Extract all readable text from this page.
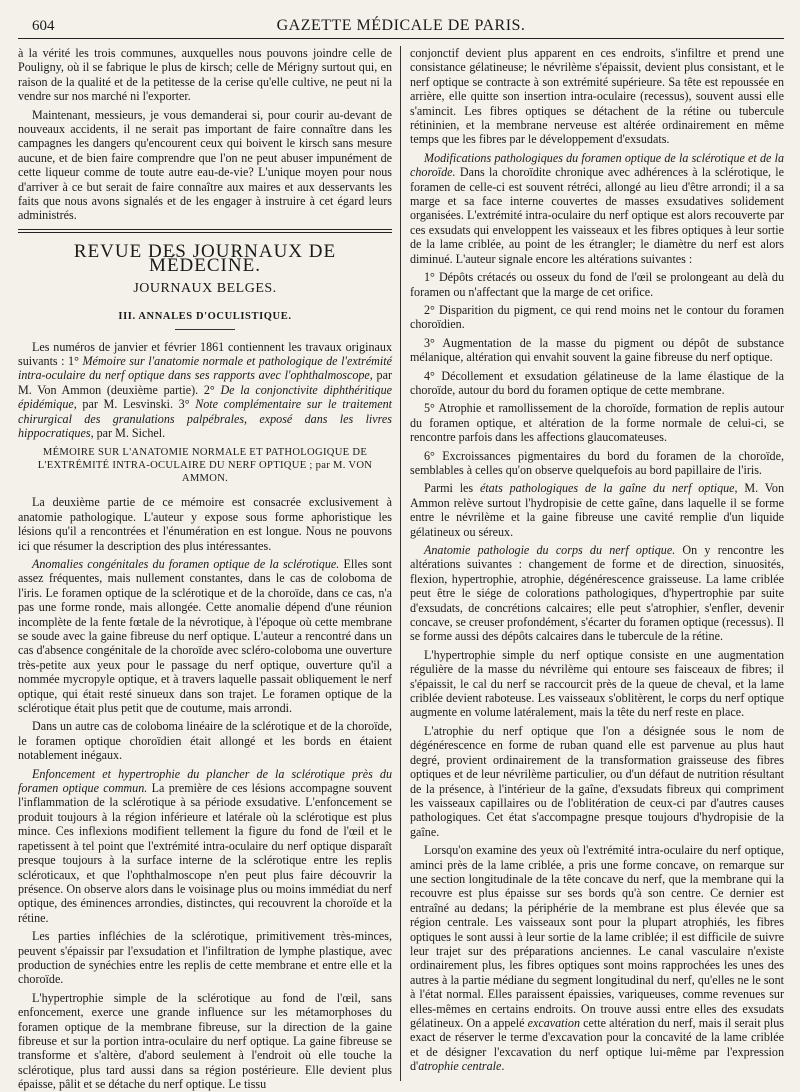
604	GAZETTE MÉDICALE DE PARIS.

à la vérité les trois communes, auxquelles nous pouvons joindre celle de Pouligny, où il se fabrique le plus de kirsch; celle de Mérigny surtout qui, en raison de la qualité et de la petitesse de la cerise qu'elle cultive, ne peut ni la vendre sur nos marché ni l'exporter.

Maintenant, messieurs, je vous demanderai si, pour courir au-devant de nouveaux accidents, il ne serait pas important de faire connaître dans les campagnes les dangers qu'encourent ceux qui boivent le kirsch sans mesure aucune, et de bien faire comprendre que l'on ne peut abuser impunément de cette liqueur comme de toute autre eau-de-vie? L'unique moyen pour nous d'arriver à ce but serait de faire connaître aux maires et aux desservants les faits que nous avons signalés et de les engager à instruire à cet égard leurs administrés.

REVUE DES JOURNAUX DE MÉDECINE.
JOURNAUX BELGES.
III. ANNALES D'OCULISTIQUE.

Les numéros de janvier et février 1861 contiennent les travaux originaux suivants : 1° Mémoire sur l'anatomie normale et pathologique de l'extrémité intra-oculaire du nerf optique dans ses rapports avec l'ophthalmoscope, par M. Von Ammon (deuxième partie). 2° De la conjonctivite diphthéritique épidémique, par M. Lesvinski. 3° Note complémentaire sur le traitement chirurgical des granulations palpébrales, exposé dans les livres hippocratiques, par M. Sichel.

MÉMOIRE SUR L'ANATOMIE NORMALE ET PATHOLOGIQUE DE L'EXTRÉMITÉ INTRA-OCULAIRE DU NERF OPTIQUE ; par M. VON AMMON.

La deuxième partie de ce mémoire est consacrée exclusivement à anatomie pathologique. L'auteur y expose sous forme aphoristique les lésions qu'il a rencontrées et l'énumération en est longue. Nous ne pouvons ici que résumer la description des plus intéressantes.

Anomalies congénitales du foramen optique de la sclérotique. Elles sont assez fréquentes, mais nullement constantes, dans le cas de coloboma de l'iris. Le foramen optique de la sclérotique et de la choroïde, dans ce cas, n'a pas une forme ronde, mais allongée. Cette anomalie dépend d'une réunion incomplète de la fente fœtale de la névrotique, à l'époque où cette membrane se soude avec la gaine fibreuse du nerf optique. L'auteur a rencontré dans un cas d'absence congénitale de la choroïde avec scléro-coloboma une ouverture très-petite aux yeux pour le passage du nerf optique, ouverture qu'il a nommée mycropyle optique, et à travers laquelle passait obliquement le nerf optique, qui était resté sinueux dans son trajet. Le foramen optique de la sclérotique était plus petit que de coutume, mais arrondi.

Dans un autre cas de coloboma linéaire de la sclérotique et de la choroïde, le foramen optique choroïdien était allongé et les bords en étaient notablement inégaux.

Enfoncement et hypertrophie du plancher de la sclérotique près du foramen optique commun. La première de ces lésions accompagne souvent l'inflammation de la sclérotique à sa période exsudative. L'enfoncement se produit toujours à la région inférieure et latérale où la sclérotique est plus mince. Ces inflexions modifient tellement la figure du fond de l'œil et le rapetissent à tel point que l'extrémité intra-oculaire du nerf optique disparaît presque toujours à la surface interne de la sclérotique entre les replis scléroticaux, et que l'ophthalmoscope n'en peut plus faire découvrir la présence. On observe alors dans le voisinage plus ou moins immédiat du nerf optique, des éminences arrondies, distinctes, qui recouvrent la choroïde et la rétine.

Les parties infléchies de la sclérotique, primitivement très-minces, peuvent s'épaissir par l'exsudation et l'infiltration de lymphe plastique, avec production de synéchies entre les replis de cette membrane et entre elle et la choroïde.

L'hypertrophie simple de la sclérotique au fond de l'œil, sans enfoncement, exerce une grande influence sur les métamorphoses du foramen optique de la membrane fibreuse, sur la direction de la gaine fibreuse et sur la portion intra-oculaire du nerf optique. La gaine fibreuse se transforme et s'altère, d'abord seulement à l'endroit où elle touche la sclérotique, plus tard aussi dans sa région postérieure. Elle devient plus épaisse, pâlit et se détache du nerf optique. Le tissu

conjonctif devient plus apparent en ces endroits, s'infiltre et prend une consistance gélatineuse; le névrilème s'épaissit, devient plus consistant, et le nerf optique se contracte à son extrémité supérieure. Sa tête est repoussée en arrière, elle quitte son insertion intra-oculaire (recessus), souvent aussi elle s'amincit. Les fibres optiques se détachent de la rétine ou tubercule rétininien, et la membrane nerveuse est altérée ordinairement en même temps que les fibres par le développement d'exsudats.

Modifications pathologiques du foramen optique de la sclérotique et de la choroïde. Dans la choroïdite chronique avec adhérences à la sclérotique, le foramen de celle-ci est souvent rétréci, allongé au lieu d'être arrondi; il a sa marge et sa face interne couvertes de masses exsudatives solidement organisées. L'extrémité intra-oculaire du nerf optique est alors recouverte par ces exsudats qui enveloppent les vaisseaux et les fibres optiques à leur sortie de la lame criblée, au point de les étrangler; le diamètre du nerf est alors diminué. L'auteur signale encore les altérations suivantes :

1° Dépôts crétacés ou osseux du fond de l'œil se prolongeant au delà du foramen ou n'affectant que la marge de cet orifice.

2° Disparition du pigment, ce qui rend moins net le contour du foramen choroïdien.

3° Augmentation de la masse du pigment ou dépôt de substance mélanique, altération qui envahit souvent la gaine fibreuse du nerf optique.

4° Décollement et exsudation gélatineuse de la lame élastique de la choroïde, autour du bord du foramen optique de cette membrane.

5° Atrophie et ramollissement de la choroïde, formation de replis autour du foramen optique, et altération de la forme normale de celui-ci, se rencontre parfois dans les affections glaucomateuses.

6° Excroissances pigmentaires du bord du foramen de la choroïde, semblables à celles qu'on observe quelquefois au bord papillaire de l'iris.

Parmi les états pathologiques de la gaîne du nerf optique, M. Von Ammon relève surtout l'hydropisie de cette gaîne, dans laquelle il se forme entre le névrilème et la gaine fibreuse une cavité remplie d'un liquide gélatineux ou séreux.

Anatomie pathologie du corps du nerf optique. On y rencontre les altérations suivantes : changement de forme et de direction, sinuosités, flexion, hypertrophie, atrophie, dégénérescence graisseuse. La lame criblée peut être le siége de colorations pathologiques, d'hypertrophie par suite d'exsudats, de concrétions calcaires; elle peut s'atrophier, s'enfler, devenir concave, se creuser profondément, s'écarter du foramen optique (recessus). Il se forme aussi des dépôts calcaires dans le tubercule de la rétine.

L'hypertrophie simple du nerf optique consiste en une augmentation régulière de la masse du névrilème qui entoure ses faisceaux de fibres; il s'épaissit, le cal du nerf se raccourcit près de la queue de cheval, et la lame criblée devient raboteuse. Les vaisseaux s'oblitèrent, le corps du nerf optique augmente en volume latéralement, mais la tête du nerf reste en place.

L'atrophie du nerf optique que l'on a désignée sous le nom de dégénérescence en forme de ruban quand elle est parvenue au plus haut degré, provient ordinairement de la transformation graisseuse des fibres optiques et de leur névrilème particulier, ou d'un défaut de nutrition résultant de la présence, à l'intérieur de la gaîne, d'exsudats fibreux qui compriment les vaisseaux capillaires ou de l'oblitération de ceux-ci par d'autres causes pathologiques. Cet état s'accompagne presque toujours d'hydropisie de la gaîne.

Lorsqu'on examine des yeux où l'extrémité intra-oculaire du nerf optique, aminci près de la lame criblée, a pris une forme concave, on remarque sur une section longitudinale de la tête concave du nerf, que la membrane qui la recouvre est plus épaisse sur ses bords qu'à son centre. Ce dernier est entraîné au dedans; la périphérie de la membrane est plus élevée que sa région centrale. Les vaisseaux sont pour la plupart atrophiés, les fibres optiques le sont aussi à leur sortie de la lame criblée; il est difficile de suivre leur trajet sur des préparations anciennes. Le canal vasculaire n'existe ordinairement plus, les fibres optiques sont moins rapprochées les unes des autres à la partie médiane du segment longitudinal du nerf, qu'elles ne le sont à l'état normal. Elles paraissent épaissies, variqueuses, comme revenues sur elles-mêmes en certains endroits. On trouve aussi entre elles des exsudats gélatineux. On a appelé excavation cette altération du nerf, mais il serait plus exact de réserver le terme d'excavation pour la concavité de la lame criblée et de désigner l'excavation du nerf optique lui-même par l'expression d'atrophie centrale.
